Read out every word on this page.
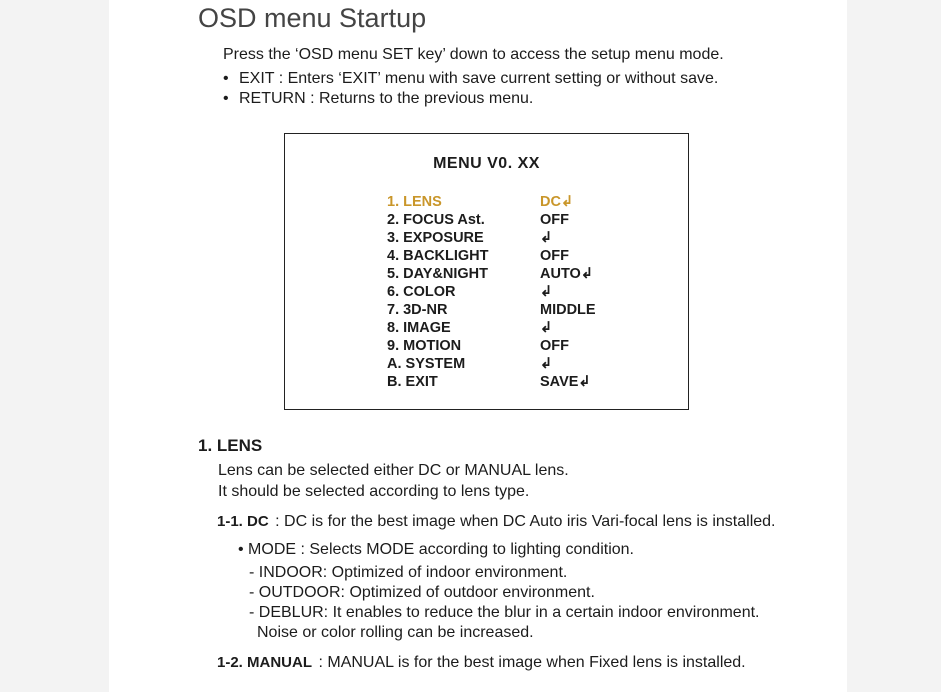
OSD menu Startup
Press the ‘OSD menu SET key’ down to access the setup menu mode.
• EXIT : Enters ‘EXIT’ menu with save current setting or without save.
• RETURN : Returns to the previous menu.
MENU V0. XX
1. LENS	DC↲
2. FOCUS Ast.	OFF
3. EXPOSURE	↲
4. BACKLIGHT	OFF
5. DAY&NIGHT	AUTO↲
6. COLOR	↲
7. 3D-NR	MIDDLE
8. IMAGE	↲
9. MOTION	OFF
A. SYSTEM	↲
B. EXIT	SAVE↲
1. LENS
Lens can be selected either DC or MANUAL lens.
It should be selected according to lens type.
1-1. DC : DC is for the best image when DC Auto iris Vari-focal lens is installed.
• MODE : Selects MODE according to lighting condition.
- INDOOR: Optimized of indoor environment.
- OUTDOOR: Optimized of outdoor environment.
- DEBLUR: It enables to reduce the blur in a certain indoor environment.
Noise or color rolling can be increased.
1-2. MANUAL : MANUAL is for the best image when Fixed lens is installed.
